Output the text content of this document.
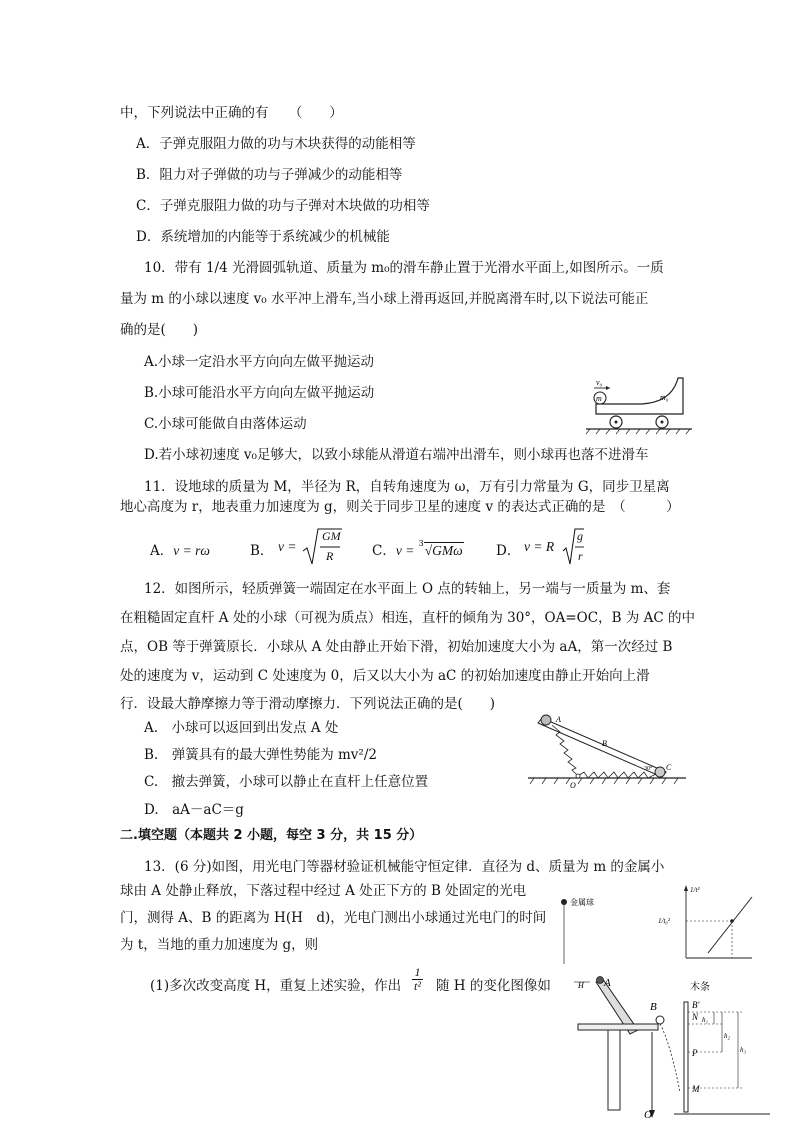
中，下列说法中正确的有　　（　　）
A．子弹克服阻力做的功与木块获得的动能相等
B．阻力对子弹做的功与子弹减少的动能相等
C．子弹克服阻力做的功与子弹对木块做的功相等
D．系统增加的内能等于系统减少的机械能
10．带有 1/4 光滑圆弧轨道、质量为 m₀的滑车静止置于光滑水平面上,如图所示。一质
量为 m 的小球以速度 v₀ 水平冲上滑车,当小球上滑再返回,并脱离滑车时,以下说法可能正
确的是(　　)
A.小球一定沿水平方向向左做平抛运动
B.小球可能沿水平方向向左做平抛运动
C.小球可能做自由落体运动
D.若小球初速度 v₀足够大，以致小球能从滑道右端冲出滑车，则小球再也落不进滑车
m
v₀
m₀
11．设地球的质量为 M，半径为 R，自转角速度为 ω，万有引力常量为 G，同步卫星离
地心高度为 r，地表重力加速度为 g，则关于同步卫星的速度 v 的表达式正确的是　（　　　）
A．v = rω	B． v =
GM
R	C．v = $^3$√GMω D． v = R
g
r
12．如图所示，轻质弹簧一端固定在水平面上 O 点的转轴上，另一端与一质量为 m、套
在粗糙固定直杆 A 处的小球（可视为质点）相连，直杆的倾角为 30°，OA=OC，B 为 AC 的中
点，OB 等于弹簧原长．小球从 A 处由静止开始下滑，初始加速度大小为 aA，第一次经过 B
处的速度为 v，运动到 C 处速度为 0，后又以大小为 aC 的初始加速度由静止开始向上滑
行．设最大静摩擦力等于滑动摩擦力．下列说法正确的是(　　)
A.　小球可以返回到出发点 A 处
B.　弹簧具有的最大弹性势能为 mv²/2
C.　撤去弹簧，小球可以静止在直杆上任意位置
D.　aA－aC＝g
A
B
C
O
30°
二.填空题（本题共 2 小题，每空 3 分，共 15 分）
13．(6 分)如图，用光电门等器材验证机械能守恒定律．直径为 d、质量为 m 的金属小
球由 A 处静止释放，下落过程中经过 A 处正下方的 B 处固定的光电
门，测得 A、B 的距离为 H(H　d)，光电门测出小球通过光电门的时间
为 t，当地的重力加速度为 g，则
(1)多次改变高度 H，重复上述实验，作出 $\frac{1}{\text{t²}}$ 随 H 的变化图像如
金属球
1/t²
1/t₀²
H A
B
木条
B'
N
P
M
O
h₁
h₂
h₃
